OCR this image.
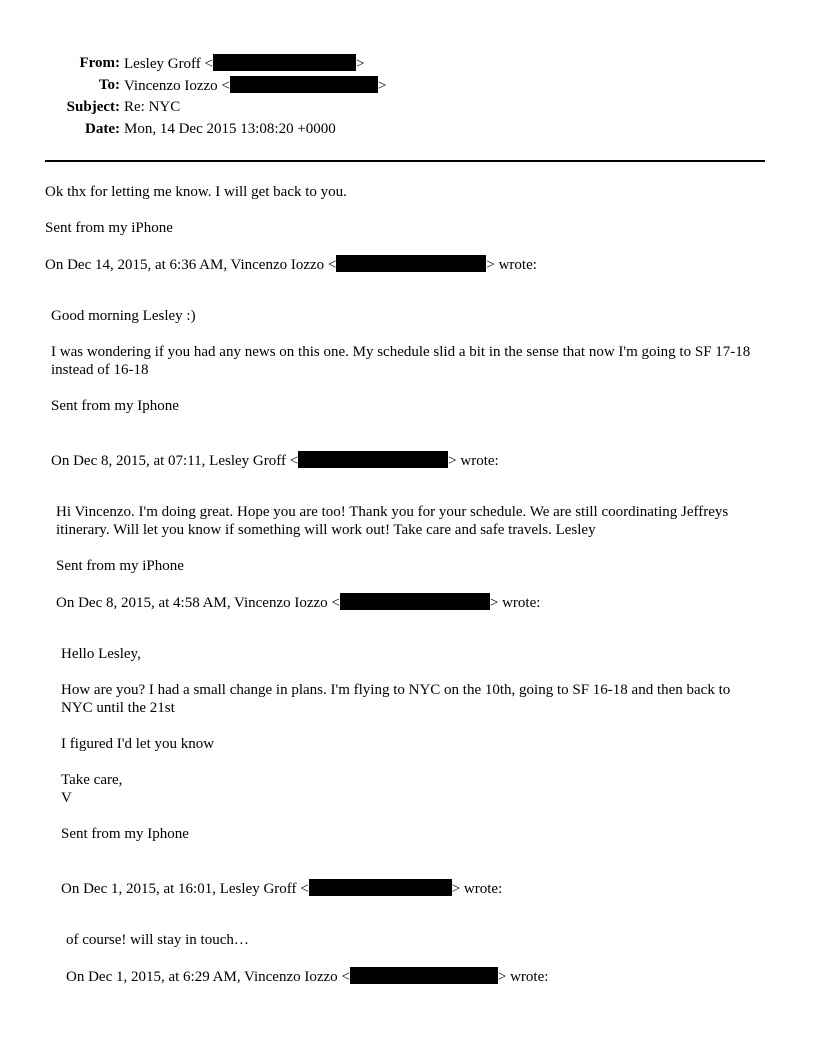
From: Lesley Groff <	>
To: Vincenzo Iozzo <	>
Subject: Re: NYC
Date: Mon, 14 Dec 2015 13:08:20 +0000
Ok thx for letting me know. I will get back to you.
Sent from my iPhone
On Dec 14, 2015, at 6:36 AM, Vincenzo Iozzo <	> wrote:
Good morning Lesley :)
I was wondering if you had any news on this one. My schedule slid a bit in the sense that now I'm going to SF 17-18 instead of 16-18
Sent from my Iphone
On Dec 8, 2015, at 07:11, Lesley Groff <	> wrote:
Hi Vincenzo. I'm doing great. Hope you are too! Thank you for your schedule. We are still coordinating Jeffreys itinerary. Will let you know if something will work out! Take care and safe travels. Lesley
Sent from my iPhone
On Dec 8, 2015, at 4:58 AM, Vincenzo Iozzo <	> wrote:
Hello Lesley,
How are you? I had a small change in plans. I'm flying to NYC on the 10th, going to SF 16-18 and then back to NYC until the 21st
I figured I'd let you know
Take care,
V
Sent from my Iphone
On Dec 1, 2015, at 16:01, Lesley Groff <	> wrote:
of course! will stay in touch…
On Dec 1, 2015, at 6:29 AM, Vincenzo Iozzo <	> wrote:
